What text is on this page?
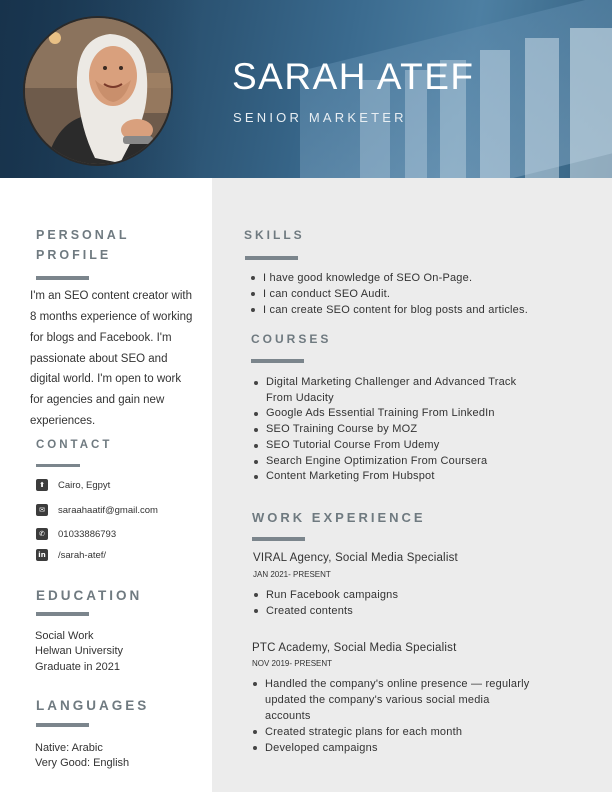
SARAH ATEF
SENIOR MARKETER
PERSONAL
PROFILE
I'm an SEO content creator with
8 months experience of working
for blogs and Facebook. I'm
passionate about SEO and
digital world. I'm open to work
for agencies and gain new
experiences.
CONTACT
⬆	Cairo, Egpyt
✉	saraahaatif@gmail.com
✆	01033886793
in /sarah-atef/
EDUCATION
Social Work
Helwan University
Graduate in 2021
LANGUAGES
Native: Arabic
Very Good: English
SKILLS
I have good knowledge of SEO On-Page.
I can conduct SEO Audit.
I can create SEO content for blog posts and articles.
COURSES
Digital Marketing Challenger and Advanced Track
From Udacity
Google Ads Essential Training From LinkedIn
SEO Training Course by MOZ
SEO Tutorial Course From Udemy
Search Engine Optimization From Coursera
Content Marketing From Hubspot
WORK EXPERIENCE
VIRAL Agency, Social Media Specialist
JAN 2021- PRESENT
Run Facebook campaigns
Created contents
PTC Academy, Social Media Specialist
NOV 2019- PRESENT
Handled the company's online presence — regularly
updated the company's various social media
accounts
Created strategic plans for each month
Developed campaigns
